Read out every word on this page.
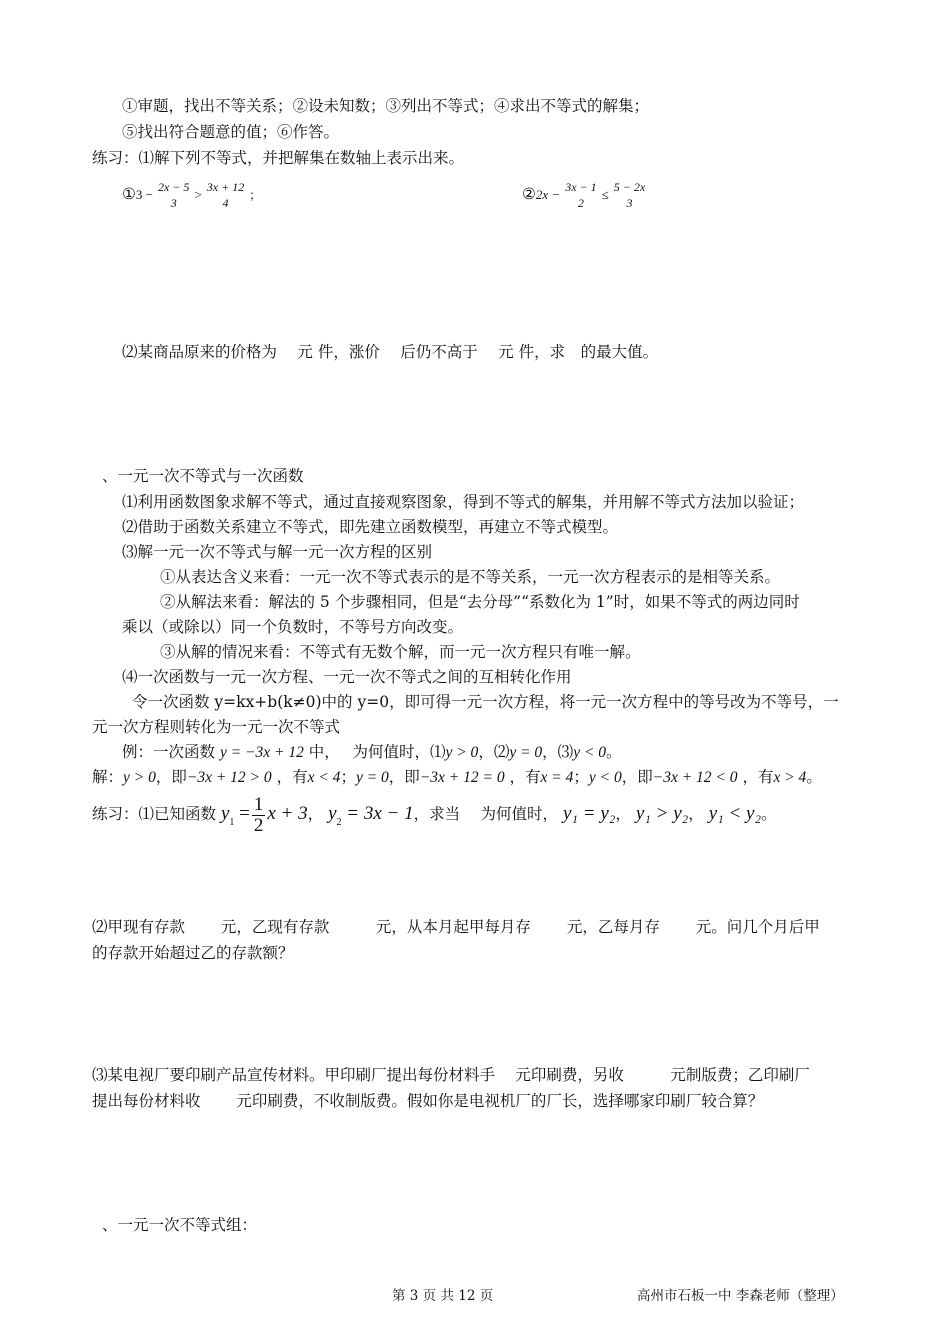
①审题，找出不等关系；②设未知数；③列出不等式；④求出不等式的解集；
⑤找出符合题意的值；⑥作答。
练习：⑴解下列不等式，并把解集在数轴上表示出来。
①3 − 2x − 5
3
> 3x + 12
4
；	②2x − 3x − 1
2
≤ 5 − 2x
3
⑵某商品原来的价格为　 元 件，涨价　 后仍不高于　 元 件，求　的最大值。
、一元一次不等式与一次函数
⑴利用函数图象求解不等式，通过直接观察图象，得到不等式的解集，并用解不等式方法加以验证；
⑵借助于函数关系建立不等式，即先建立函数模型，再建立不等式模型。
⑶解一元一次不等式与解一元一次方程的区别
①从表达含义来看：一元一次不等式表示的是不等关系，一元一次方程表示的是相等关系。
②从解法来看：解法的 5 个步骤相同，但是“去分母”“系数化为 1”时，如果不等式的两边同时
乘以（或除以）同一个负数时，不等号方向改变。
③从解的情况来看：不等式有无数个解，而一元一次方程只有唯一解。
⑷一次函数与一元一次方程、一元一次不等式之间的互相转化作用
令一次函数 y=kx+b(k≠0)中的 y=0，即可得一元一次方程，将一元一次方程中的等号改为不等号，一
元一次方程则转化为一元一次不等式
例：一次函数 y = −3x + 12 中，　 为何值时，⑴y > 0，⑵y = 0，⑶y < 0。
解：y > 0，即−3x + 12 > 0 ，有x < 4；y = 0，即−3x + 12 = 0 ，有x = 4；y < 0，即−3x + 12 < 0 ，有x > 4。
练习：⑴已知函数 $y_1 = \frac{1}{2}$ x + 3， $y_2 = 3x - 1$，求当　 为何值时， y₁ = y₂， y₁ > y₂， y₁ < y₂。
⑵甲现有存款　　 元，乙现有存款　　　元，从本月起甲每月存　　 元，乙每月存　　 元。问几个月后甲
的存款开始超过乙的存款额？
⑶某电视厂要印刷产品宣传材料。甲印刷厂提出每份材料手　 元印刷费，另收　　　元制版费；乙印刷厂
提出每份材料收　　 元印刷费，不收制版费。假如你是电视机厂的厂长，选择哪家印刷厂较合算？
、一元一次不等式组：
第 3 页 共 12 页	高州市石板一中 李森老师（整理）
